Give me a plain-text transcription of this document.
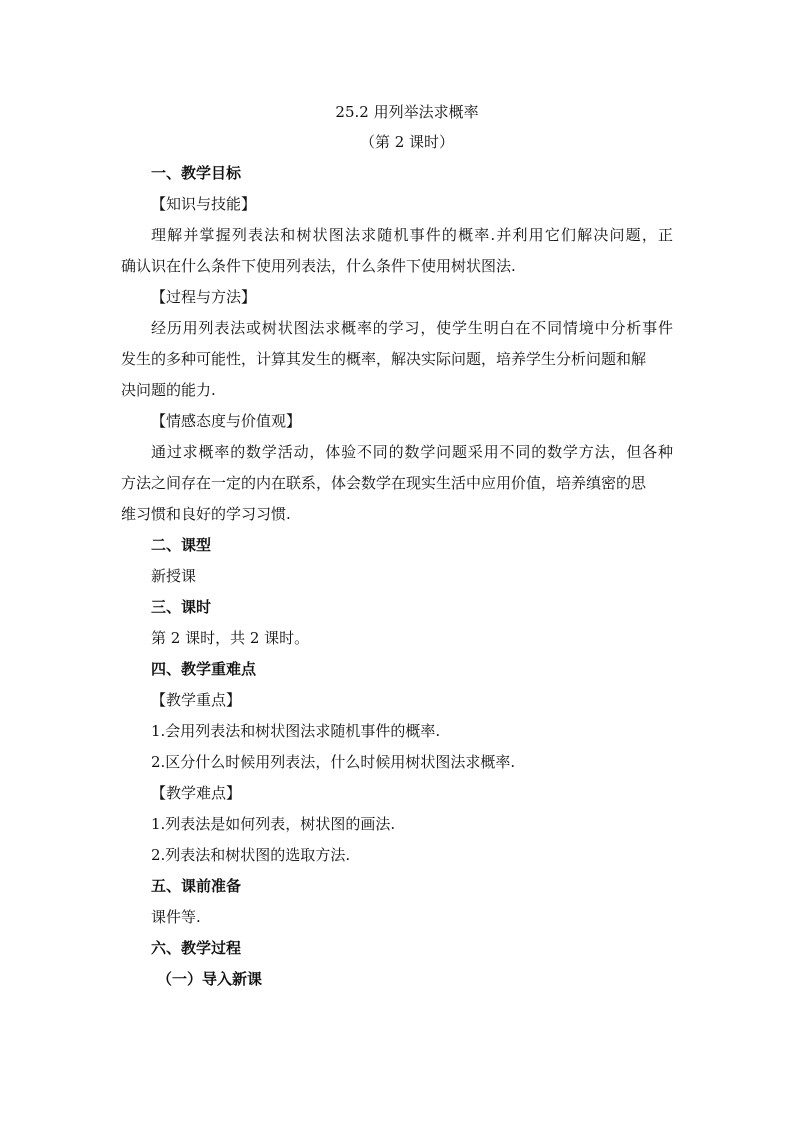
25.2 用列举法求概率
（第 2 课时）
一、教学目标
【知识与技能】
理解并掌握列表法和树状图法求随机事件的概率.并利用它们解决问题，正
确认识在什么条件下使用列表法，什么条件下使用树状图法.
【过程与方法】
经历用列表法或树状图法求概率的学习，使学生明白在不同情境中分析事件
发生的多种可能性，计算其发生的概率，解决实际问题，培养学生分析问题和解
决问题的能力.
【情感态度与价值观】
通过求概率的数学活动，体验不同的数学问题采用不同的数学方法，但各种
方法之间存在一定的内在联系，体会数学在现实生活中应用价值，培养缜密的思
维习惯和良好的学习习惯.
二、课型
新授课
三、课时
第 2 课时，共 2 课时。
四、教学重难点
【教学重点】
1.会用列表法和树状图法求随机事件的概率.
2.区分什么时候用列表法，什么时候用树状图法求概率.
【教学难点】
1.列表法是如何列表，树状图的画法.
2.列表法和树状图的选取方法.
五、课前准备
课件等.
六、教学过程
（一）导入新课
